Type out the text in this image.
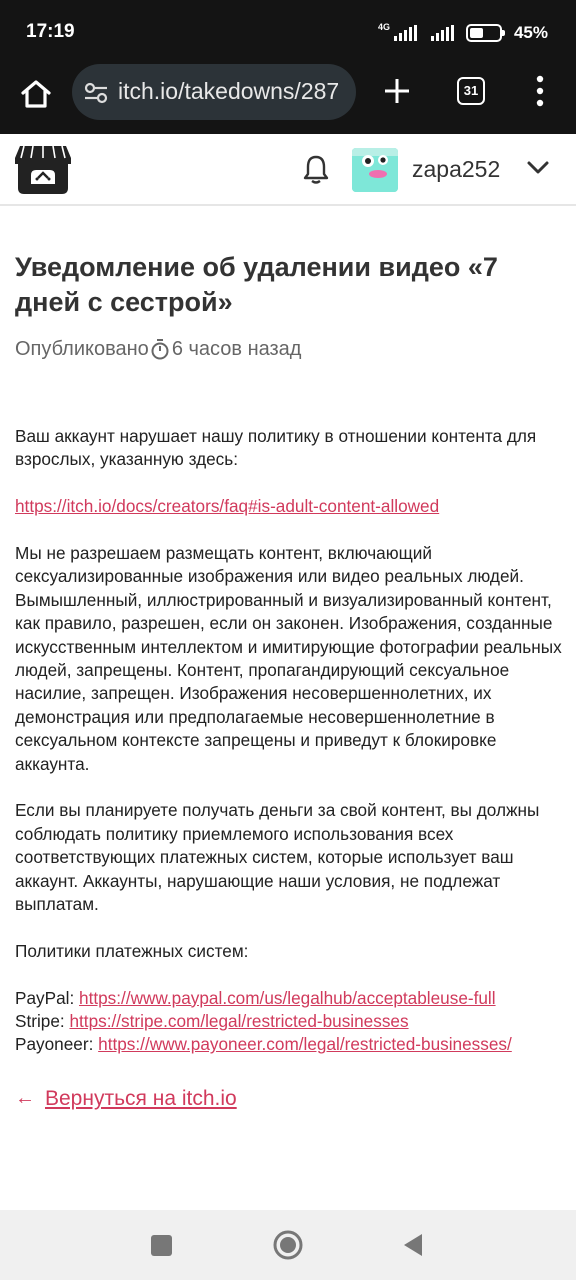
17:19	4G	45%
itch.io/takedowns/287	31
zapa252
Уведомление об удалении видео «7 дней с сестрой»
Опубликовано 6 часов назад

Ваш аккаунт нарушает нашу политику в отношении контента для взрослых, указанную здесь:

https://itch.io/docs/creators/faq#is-adult-content-allowed

Мы не разрешаем размещать контент, включающий сексуализированные изображения или видео реальных людей. Вымышленный, иллюстрированный и визуализированный контент, как правило, разрешен, если он законен. Изображения, созданные искусственным интеллектом и имитирующие фотографии реальных людей, запрещены. Контент, пропагандирующий сексуальное насилие, запрещен. Изображения несовершеннолетних, их демонстрация или предполагаемые несовершеннолетние в сексуальном контексте запрещены и приведут к блокировке аккаунта.

Если вы планируете получать деньги за свой контент, вы должны соблюдать политику приемлемого использования всех соответствующих платежных систем, которые использует ваш аккаунт. Аккаунты, нарушающие наши условия, не подлежат выплатам.

Политики платежных систем:

PayPal: https://www.paypal.com/us/legalhub/acceptableuse-full
Stripe: https://stripe.com/legal/restricted-businesses
Payoneer: https://www.payoneer.com/legal/restricted-businesses/
← Вернуться на itch.io
